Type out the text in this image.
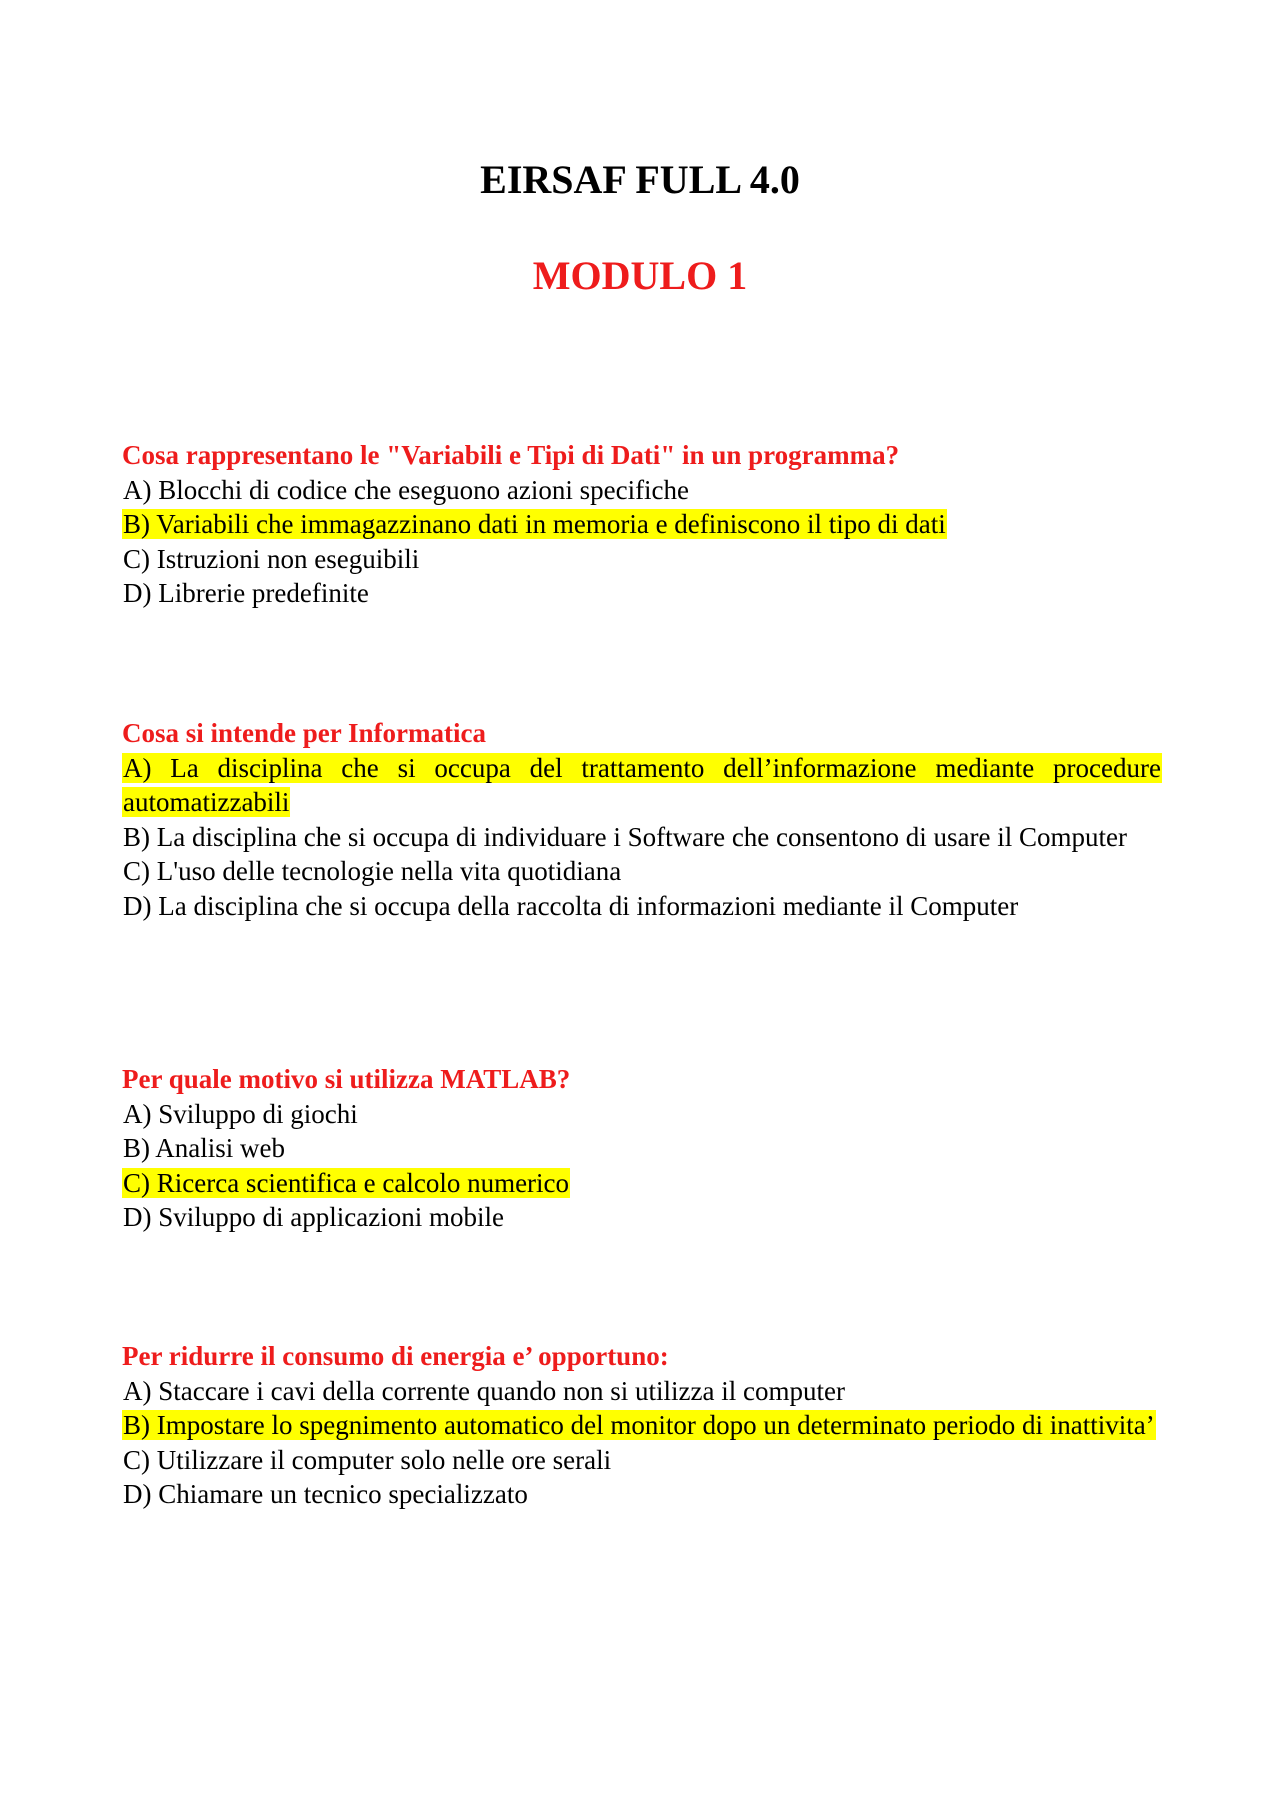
EIRSAF FULL 4.0
MODULO 1

Cosa rappresentano le "Variabili e Tipi di Dati" in un programma?

A) Blocchi di codice che eseguono azioni specifiche

B) Variabili che immagazzinano dati in memoria e definiscono il tipo di dati

C) Istruzioni non eseguibili

D) Librerie predefinite

Cosa si intende per Informatica

A) La disciplina che si occupa del trattamento dell’informazione mediante procedure automatizzabili

B) La disciplina che si occupa di individuare i Software che consentono di usare il Computer

C) L'uso delle tecnologie nella vita quotidiana

D) La disciplina che si occupa della raccolta di informazioni mediante il Computer

Per quale motivo si utilizza MATLAB?

A) Sviluppo di giochi

B) Analisi web

C) Ricerca scientifica e calcolo numerico

D) Sviluppo di applicazioni mobile

Per ridurre il consumo di energia e’ opportuno:

A) Staccare i cavi della corrente quando non si utilizza il computer

B) Impostare lo spegnimento automatico del monitor dopo un determinato periodo di inattivita’

C) Utilizzare il computer solo nelle ore serali

D) Chiamare un tecnico specializzato
